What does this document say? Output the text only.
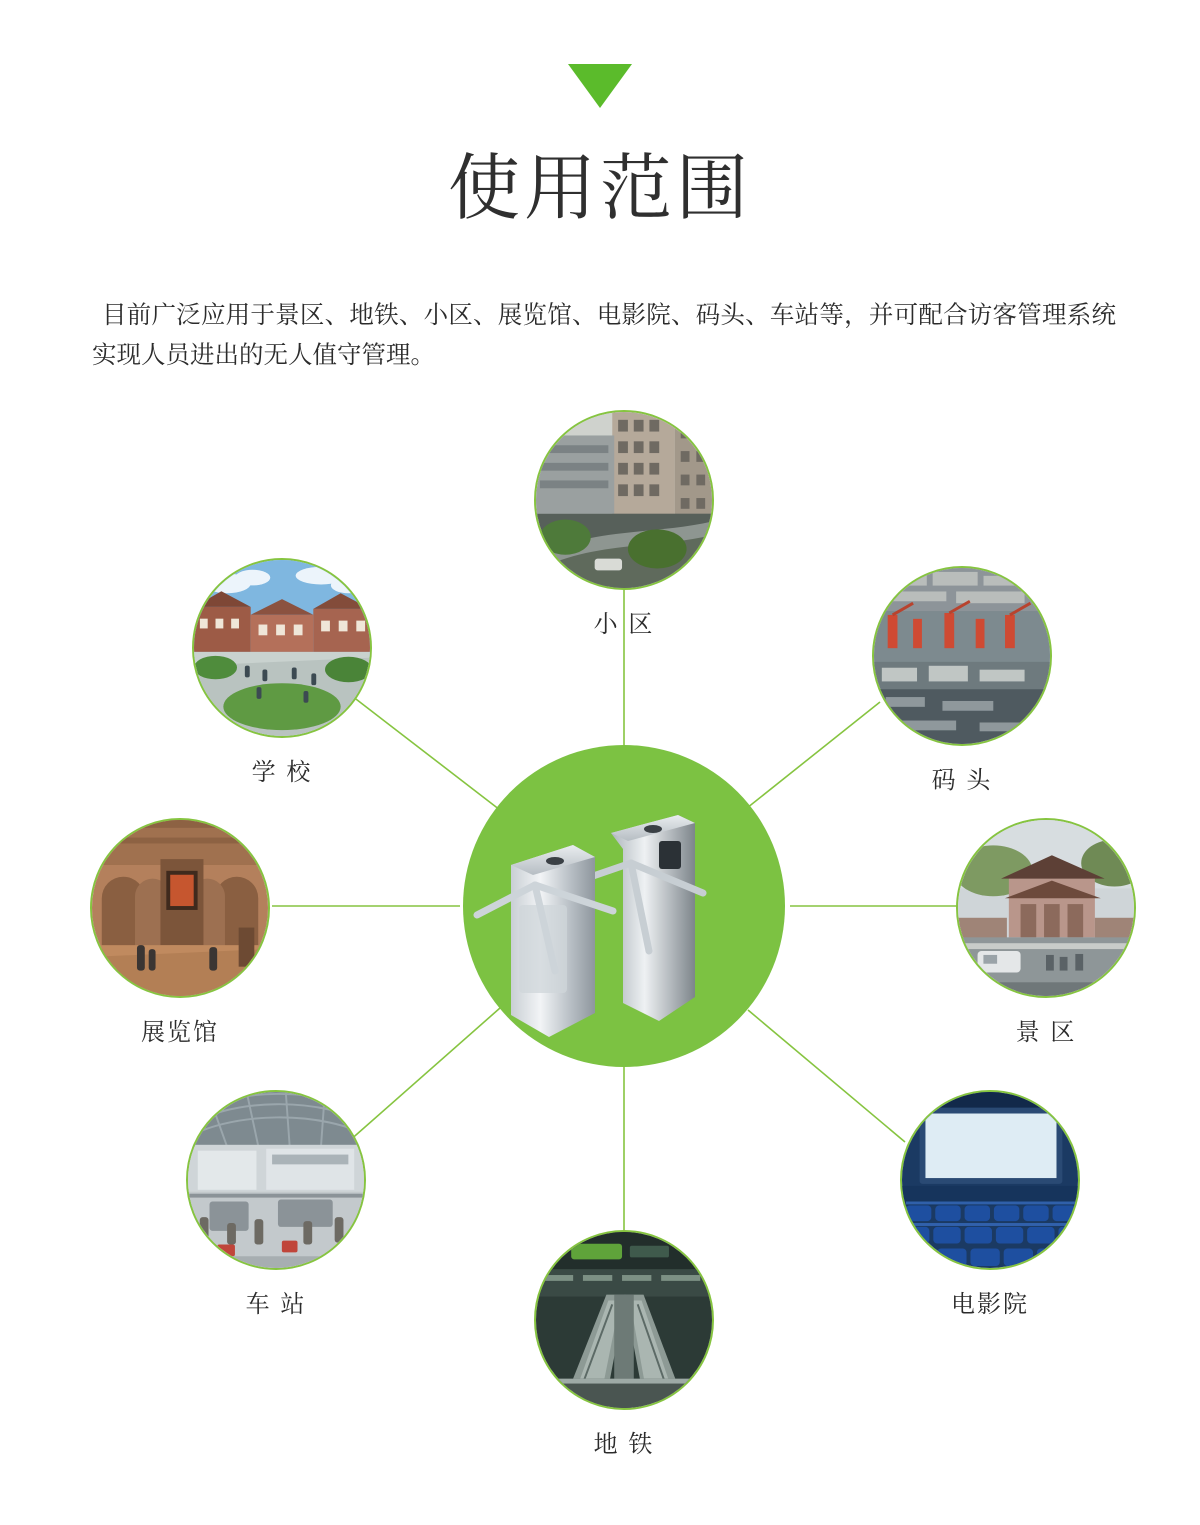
使用范围
目前广泛应用于景区、地铁、小区、展览馆、电影院、码头、车站等，并可配合访客管理系统实现人员进出的无人值守管理。
小 区
码 头
景 区
电影院
地 铁
车 站
展览馆
学 校
